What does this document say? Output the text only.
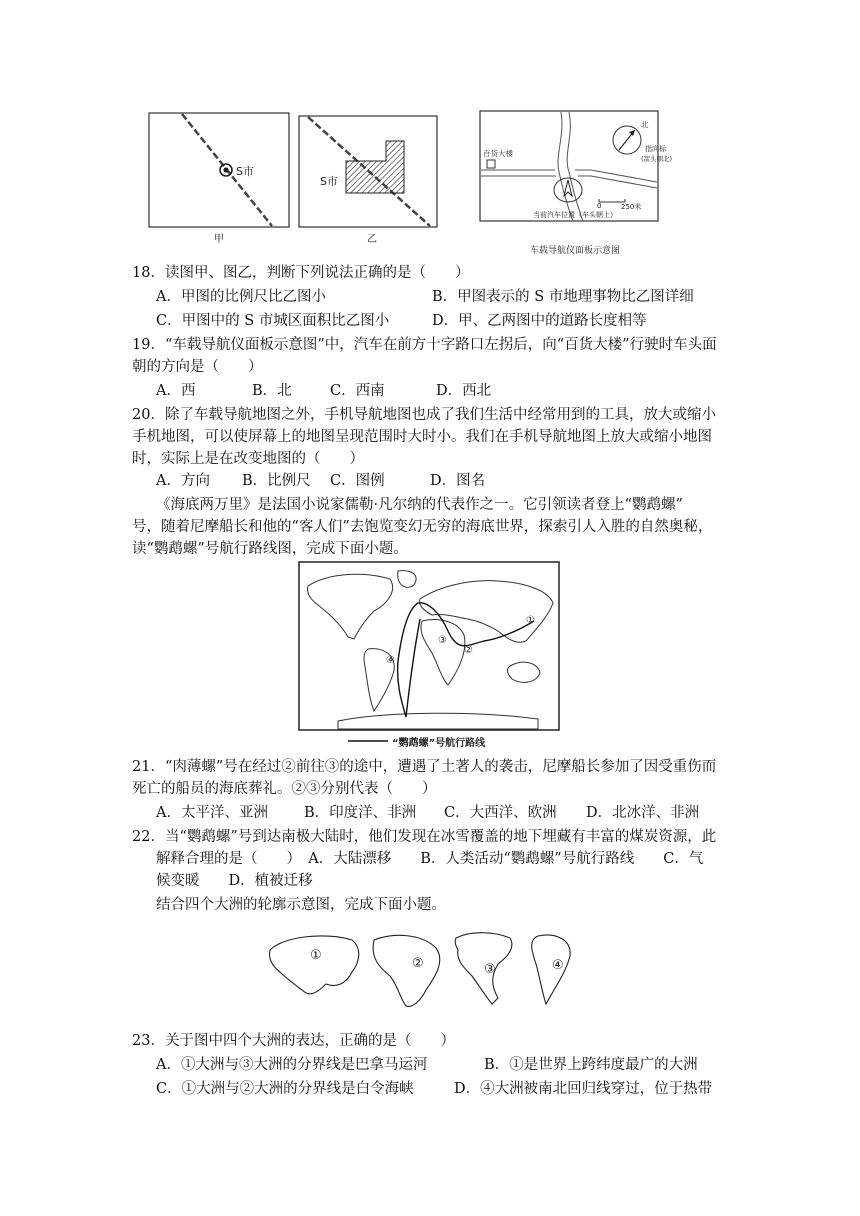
S市
甲
S市
乙
百货大楼
北
指向标
(箭头朝北)
0	250米
当前汽车位置（车头朝上）
车载导航仪面板示意图
18．读图甲、图乙，判断下列说法正确的是（　　）
A．甲图的比例尺比乙图小	B．甲图表示的 S 市地理事物比乙图详细
C．甲图中的 S 市城区面积比乙图小	D．甲、乙两图中的道路长度相等
19．“车载导航仪面板示意图”中，汽车在前方十字路口左拐后，向“百货大楼”行驶时车头面
朝的方向是（　　）
A．西	B．北	C．西南	D．西北
20．除了车载导航地图之外，手机导航地图也成了我们生活中经常用到的工具，放大或缩小
手机地图，可以使屏幕上的地图呈现范围时大时小。我们在手机导航地图上放大或缩小地图
时，实际上是在改变地图的（　　）
A．方向 B．比例尺 C．图例	D．图名
《海底两万里》是法国小说家儒勒·凡尔纳的代表作之一。它引领读者登上“鹦鹉螺”
号，随着尼摩船长和他的“客人们”去饱览变幻无穷的海底世界，探索引人入胜的自然奥秘，
读“鹦鹉螺”号航行路线图，完成下面小题。
①
②
③
④
“鹦鹉螺”号航行路线
21．“肉薄螺”号在经过②前往③的途中，遭遇了土著人的袭击，尼摩船长参加了因受重伤而
死亡的船员的海底葬礼。②③分别代表（　　）
A．太平洋、亚洲 B．印度洋、非洲 C．大西洋、欧洲 D．北冰洋、非洲
22．当“鹦鹉螺”号到达南极大陆时，他们发现在冰雪覆盖的地下埋藏有丰富的煤炭资源，此
解释合理的是（　　）　A．大陆漂移　　B．人类活动“鹦鹉螺”号航行路线　　C．气
候变暖　　D．植被迁移
结合四个大洲的轮廓示意图，完成下面小题。
①
②	③	④
23．关于图中四个大洲的表达，正确的是（　　）
A．①大洲与③大洲的分界线是巴拿马运河	B．①是世界上跨纬度最广的大洲
C．①大洲与②大洲的分界线是白令海峡	D．④大洲被南北回归线穿过，位于热带
